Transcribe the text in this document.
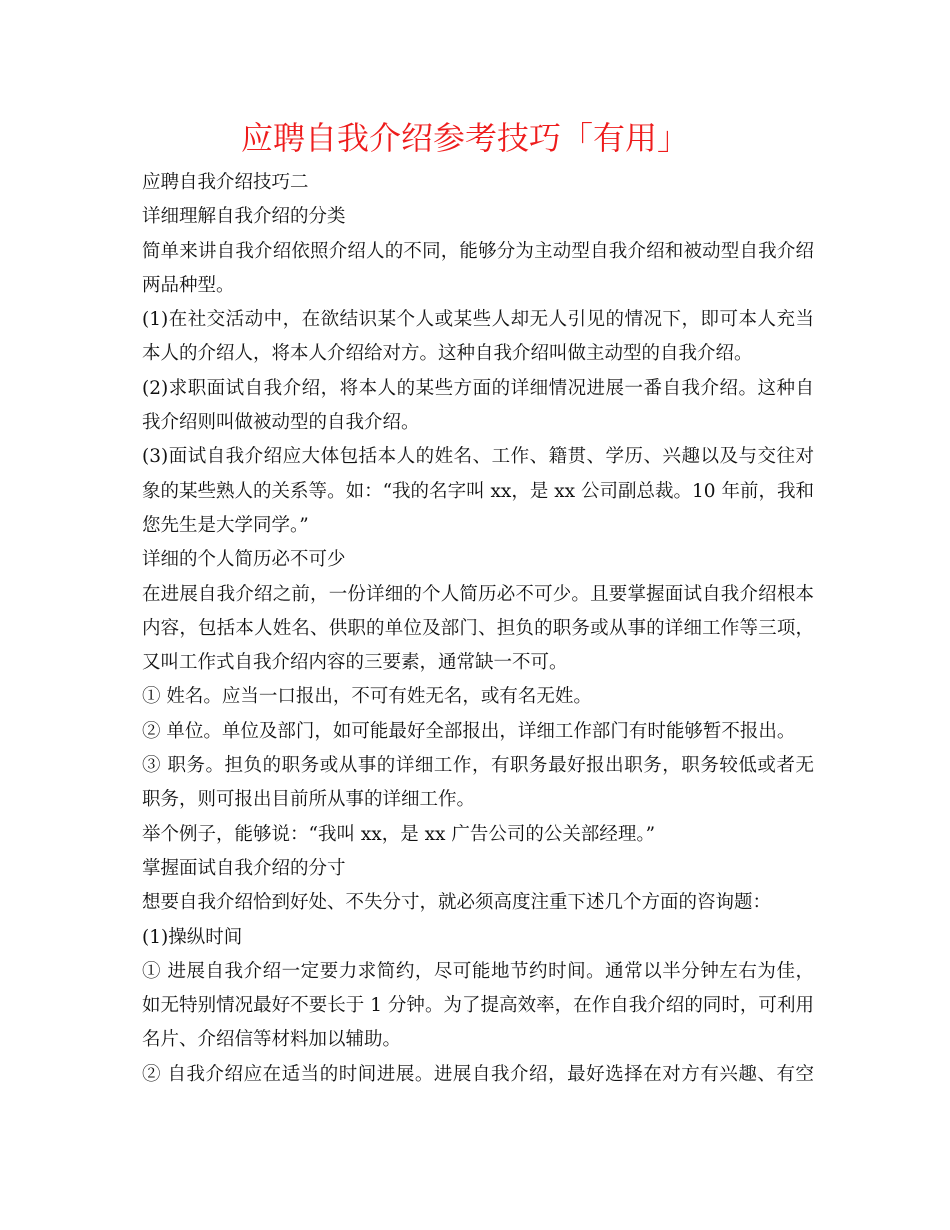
应聘自我介绍参考技巧「有用」
应聘自我介绍技巧二
详细理解自我介绍的分类
简单来讲自我介绍依照介绍人的不同，能够分为主动型自我介绍和被动型自我介绍
两品种型。
(1)在社交活动中，在欲结识某个人或某些人却无人引见的情况下，即可本人充当
本人的介绍人，将本人介绍给对方。这种自我介绍叫做主动型的自我介绍。
(2)求职面试自我介绍，将本人的某些方面的详细情况进展一番自我介绍。这种自
我介绍则叫做被动型的自我介绍。
(3)面试自我介绍应大体包括本人的姓名、工作、籍贯、学历、兴趣以及与交往对
象的某些熟人的关系等。如：“我的名字叫 xx，是 xx 公司副总裁。10 年前，我和
您先生是大学同学。”
详细的个人简历必不可少
在进展自我介绍之前，一份详细的个人简历必不可少。且要掌握面试自我介绍根本
内容，包括本人姓名、供职的单位及部门、担负的职务或从事的详细工作等三项，
又叫工作式自我介绍内容的三要素，通常缺一不可。
① 姓名。应当一口报出，不可有姓无名，或有名无姓。
② 单位。单位及部门，如可能最好全部报出，详细工作部门有时能够暂不报出。
③ 职务。担负的职务或从事的详细工作，有职务最好报出职务，职务较低或者无
职务，则可报出目前所从事的详细工作。
举个例子，能够说：“我叫 xx，是 xx 广告公司的公关部经理。”
掌握面试自我介绍的分寸
想要自我介绍恰到好处、不失分寸，就必须高度注重下述几个方面的咨询题：
(1)操纵时间
① 进展自我介绍一定要力求简约，尽可能地节约时间。通常以半分钟左右为佳，
如无特别情况最好不要长于 1 分钟。为了提高效率，在作自我介绍的同时，可利用
名片、介绍信等材料加以辅助。
② 自我介绍应在适当的时间进展。进展自我介绍，最好选择在对方有兴趣、有空
